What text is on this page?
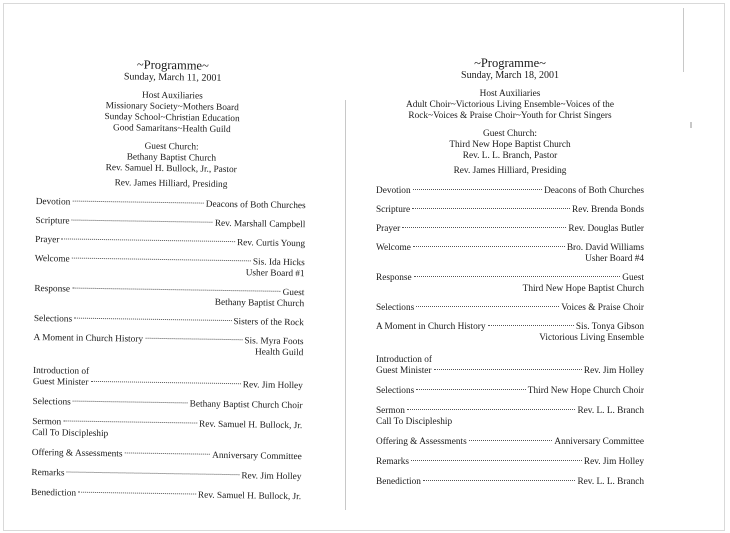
~Programme~
Sunday, March 11, 2001
Host Auxiliaries
Missionary Society~Mothers Board
Sunday School~Christian Education
Good Samaritans~Health Guild
Guest Church:
Bethany Baptist Church
Rev. Samuel H. Bullock, Jr., Pastor
Rev. James Hilliard, Presiding
Devotion	Deacons of Both Churches
Scripture	Rev. Marshall Campbell
Prayer	Rev. Curtis Young
Welcome	Sis. Ida Hicks
Usher Board #1
Response	Guest
Bethany Baptist Church
Selections	Sisters of the Rock
A Moment in Church History	Sis. Myra Foots
Health Guild
Introduction of
Guest Minister	Rev. Jim Holley
Selections	Bethany Baptist Church Choir
Sermon	Rev. Samuel H. Bullock, Jr.
Call To Discipleship
Offering & Assessments	Anniversary Committee
Remarks	Rev. Jim Holley
Benediction	Rev. Samuel H. Bullock, Jr.
~Programme~
Sunday, March 18, 2001
Host Auxiliaries
Adult Choir~Victorious Living Ensemble~Voices of the
Rock~Voices & Praise Choir~Youth for Christ Singers
Guest Church:
Third New Hope Baptist Church
Rev. L. L. Branch, Pastor
Rev. James Hilliard, Presiding
Devotion	Deacons of Both Churches
Scripture	Rev. Brenda Bonds
Prayer	Rev. Douglas Butler
Welcome	Bro. David Williams
Usher Board #4
Response	Guest
Third New Hope Baptist Church
Selections	Voices & Praise Choir
A Moment in Church History	Sis. Tonya Gibson
Victorious Living Ensemble
Introduction of
Guest Minister	Rev. Jim Holley
Selections	Third New Hope Church Choir
Sermon	Rev. L. L. Branch
Call To Discipleship
Offering & Assessments	Anniversary Committee
Remarks	Rev. Jim Holley
Benediction	Rev. L. L. Branch
